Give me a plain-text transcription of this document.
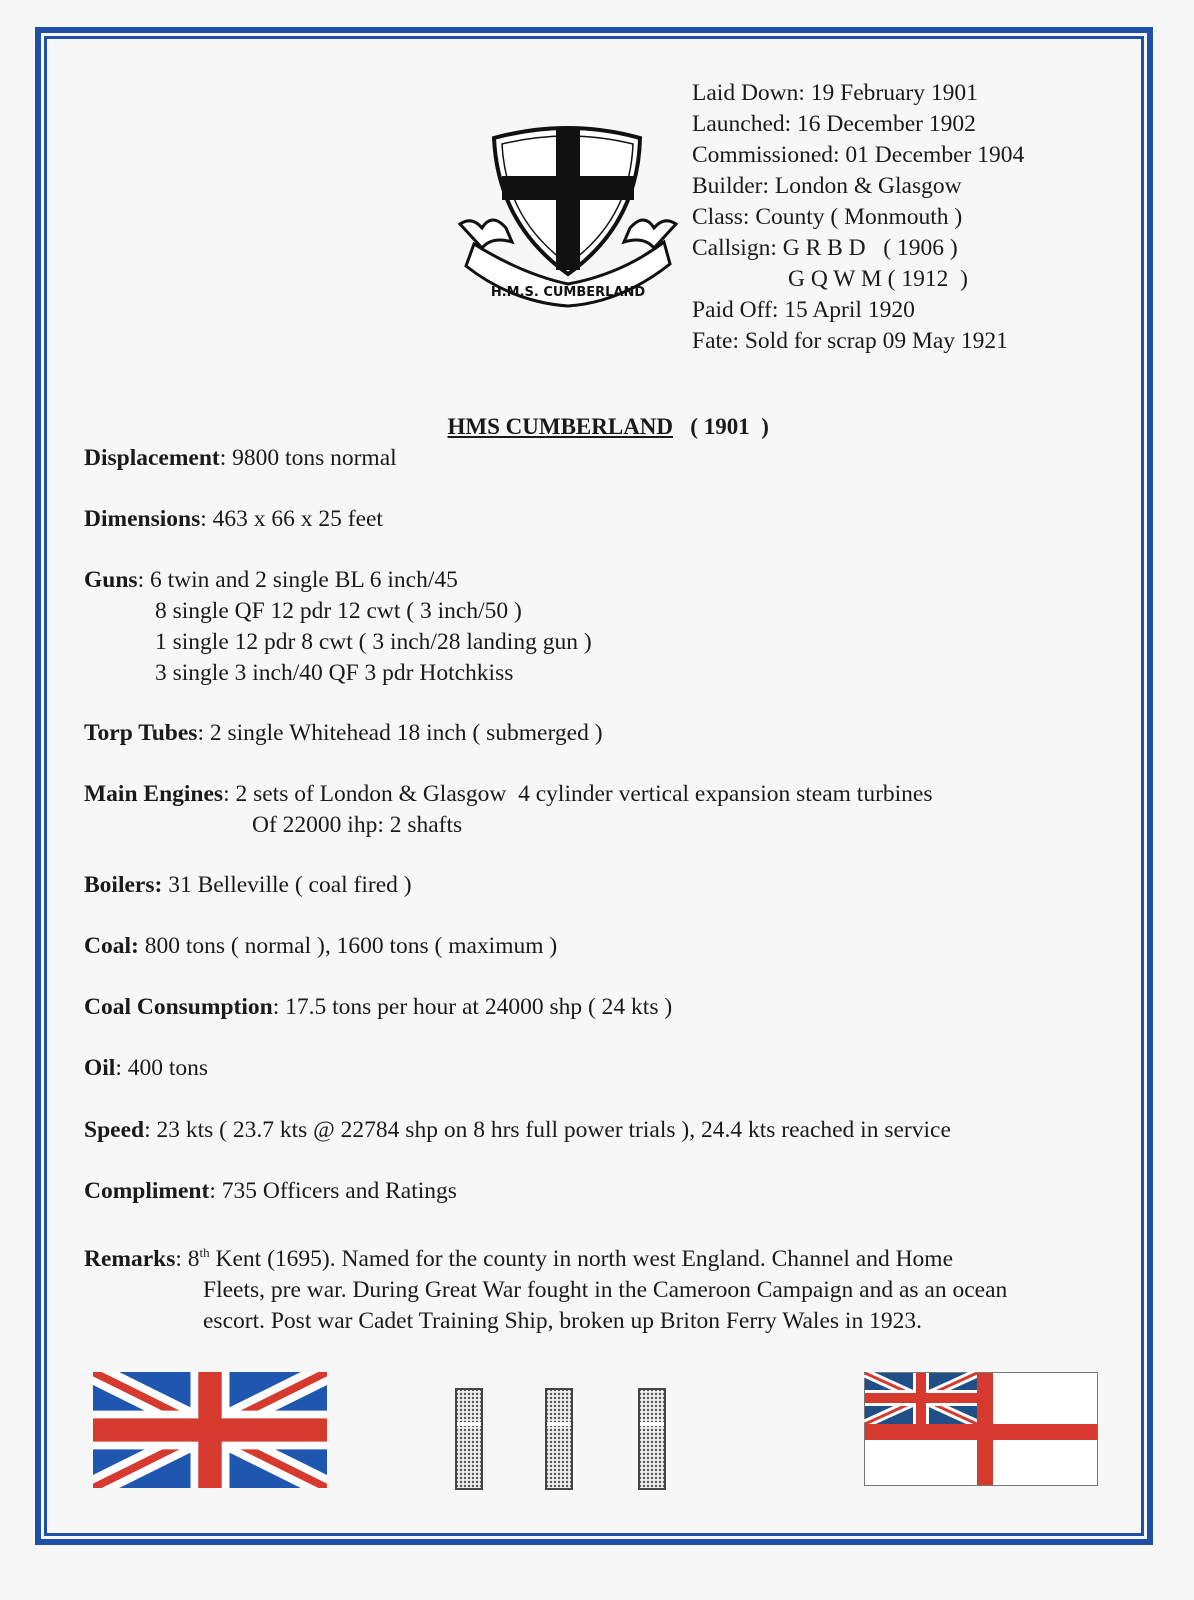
H.M.S. CUMBERLAND
Laid Down: 19 February 1901
Launched: 16 December 1902
Commissioned: 01 December 1904
Builder: London & Glasgow
Class: County ( Monmouth )
Callsign: G R B D   ( 1906 )
G Q W M ( 1912  )
Paid Off: 15 April 1920
Fate: Sold for scrap 09 May 1921

HMS CUMBERLAND   ( 1901  )

Displacement: 9800 tons normal
Dimensions: 463 x 66 x 25 feet
Guns: 6 twin and 2 single BL 6 inch/45
8 single QF 12 pdr 12 cwt ( 3 inch/50 )
1 single 12 pdr 8 cwt ( 3 inch/28 landing gun )
3 single 3 inch/40 QF 3 pdr Hotchkiss
Torp Tubes: 2 single Whitehead 18 inch ( submerged )
Main Engines: 2 sets of London & Glasgow  4 cylinder vertical expansion steam turbines
Of 22000 ihp: 2 shafts
Boilers: 31 Belleville ( coal fired )
Coal: 800 tons ( normal ), 1600 tons ( maximum )
Coal Consumption: 17.5 tons per hour at 24000 shp ( 24 kts )
Oil: 400 tons
Speed: 23 kts ( 23.7 kts @ 22784 shp on 8 hrs full power trials ), 24.4 kts reached in service
Compliment: 735 Officers and Ratings
Remarks: 8th Kent (1695). Named for the county in north west England. Channel and Home
Fleets, pre war. During Great War fought in the Cameroon Campaign and as an ocean
escort. Post war Cadet Training Ship, broken up Briton Ferry Wales in 1923.
